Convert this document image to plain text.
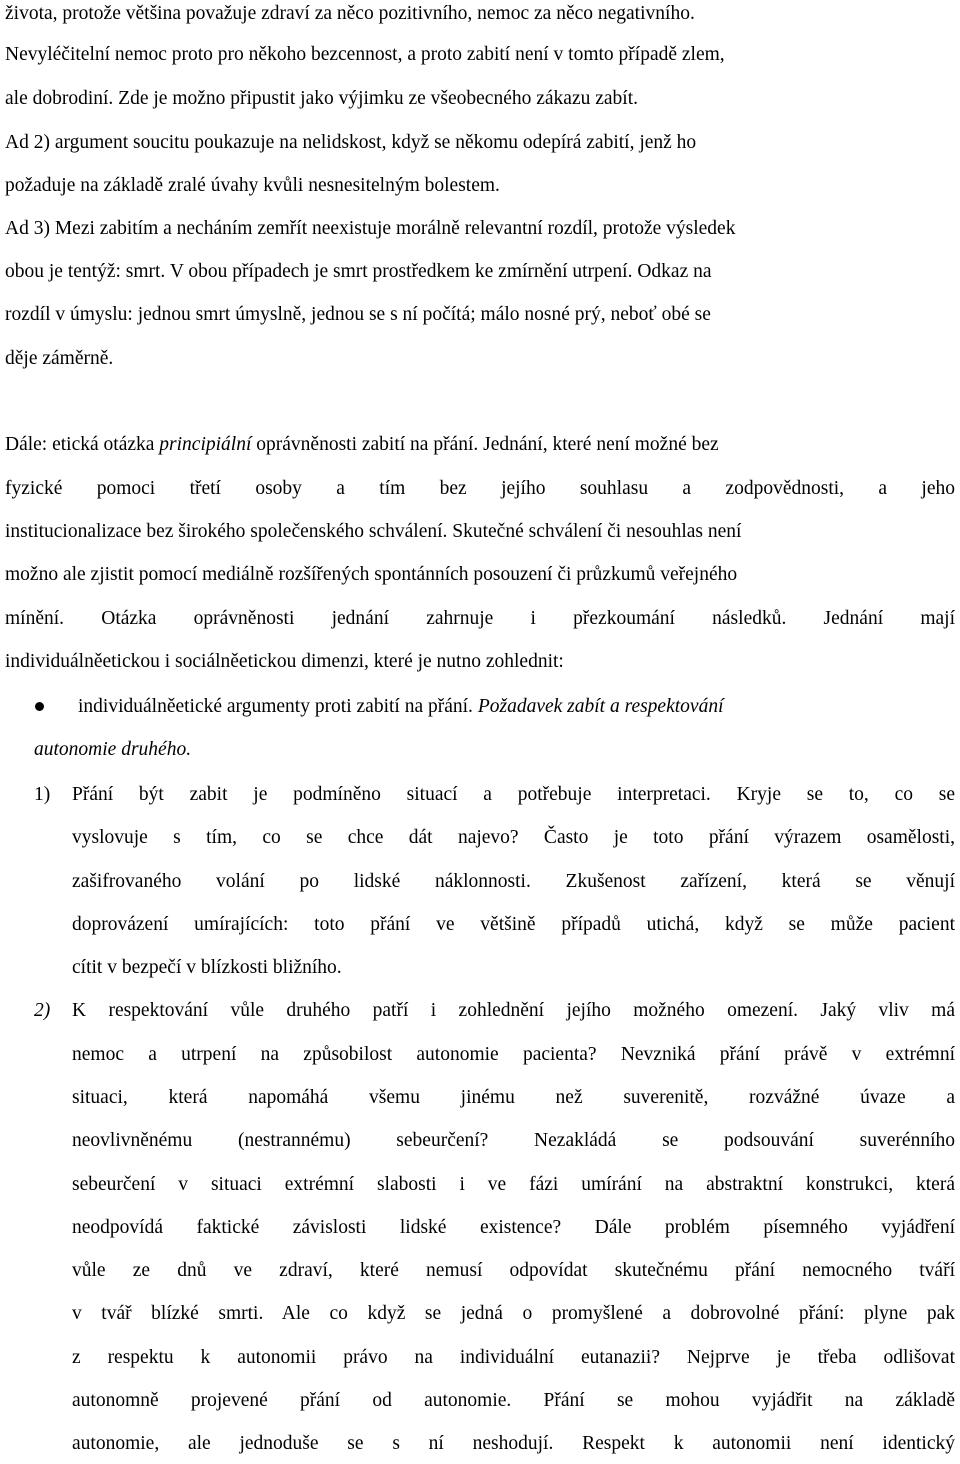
života, protože většina považuje zdraví za něco pozitivního, nemoc za něco negativního.
Nevyléčitelní nemoc proto pro někoho bezcennost, a proto zabití není v tomto případě zlem,
ale dobrodiní. Zde je možno připustit jako výjimku ze všeobecného zákazu zabít.
Ad 2) argument soucitu poukazuje na nelidskost, když se někomu odepírá zabití, jenž ho
požaduje na základě zralé úvahy kvůli nesnesitelným bolestem.
Ad 3) Mezi zabitím a necháním zemřít neexistuje morálně relevantní rozdíl, protože výsledek
obou je tentýž: smrt. V obou případech je smrt prostředkem ke zmírnění utrpení. Odkaz na
rozdíl v úmyslu: jednou smrt úmyslně, jednou se s ní počítá; málo nosné prý, neboť obé se
děje záměrně.
Dále: etická otázka principiální oprávněnosti zabití na přání. Jednání, které není možné bez
fyzické pomoci třetí osoby a tím bez jejího souhlasu a zodpovědnosti, a jeho
institucionalizace bez širokého společenského schválení. Skutečné schválení či nesouhlas není
možno ale zjistit pomocí mediálně rozšířených spontánních posouzení či průzkumů veřejného
mínění. Otázka oprávněnosti jednání zahrnuje i přezkoumání následků. Jednání mají
individuálněetickou i sociálněetickou dimenzi, které je nutno zohlednit:
individuálněetické argumenty proti zabití na přání. Požadavek zabít a respektování
autonomie druhého.
1) Přání být zabit je podmíněno situací a potřebuje interpretaci. Kryje se to, co se
vyslovuje s tím, co se chce dát najevo? Často je toto přání výrazem osamělosti,
zašifrovaného volání po lidské náklonnosti. Zkušenost zařízení, která se věnují
doprovázení umírajících: toto přání ve většině případů utichá, když se může pacient
cítit v bezpečí v blízkosti bližního.
2) K respektování vůle druhého patří i zohlednění jejího možného omezení. Jaký vliv má
nemoc a utrpení na způsobilost autonomie pacienta? Nevzniká přání právě v extrémní
situaci, která napomáhá všemu jinému než suverenitě, rozvážné úvaze a
neovlivněnému (nestrannému) sebeurčení? Nezakládá se podsouvání suverénního
sebeurčení v situaci extrémní slabosti i ve fázi umírání na abstraktní konstrukci, která
neodpovídá faktické závislosti lidské existence? Dále problém písemného vyjádření
vůle ze dnů ve zdraví, které nemusí odpovídat skutečnému přání nemocného tváří
v tvář blízké smrti. Ale co když se jedná o promyšlené a dobrovolné přání: plyne pak
z respektu k autonomii právo na individuální eutanazii? Nejprve je třeba odlišovat
autonomně projevené přání od autonomie. Přání se mohou vyjádřit na základě
autonomie, ale jednoduše se s ní neshodují. Respekt k autonomii není identický
